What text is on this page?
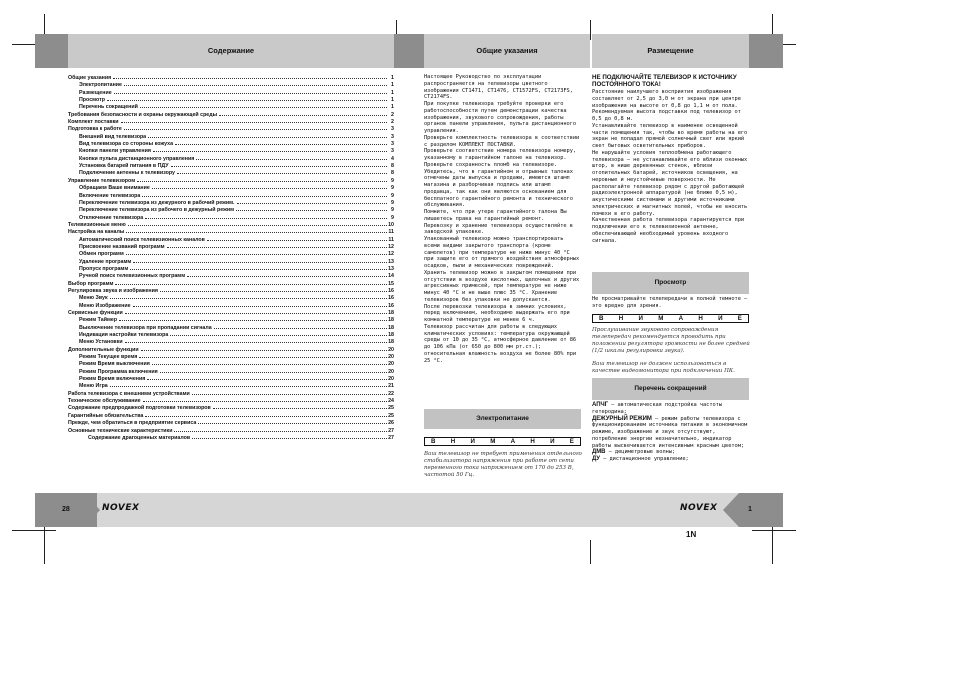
Содержание	Общие указания	Размещение
Общие указания	1
Электропитание	1
Размещение	1
Просмотр	1
Перечень сокращений	1
Требования безопасности и охраны окружающей среды	2
Комплект поставки	2
Подготовка к работе	3
Внешний вид телевизора	3
Вид телевизора со стороны кожуха	3
Кнопки панели управления	3
Кнопки пульта дистанционного управления	4
Установка батарей питания в ПДУ	8
Подключение антенны к телевизору	8
Управление телевизором	9
Обращаем Ваше внимание	9
Включение телевизора	9
Переключение телевизора из дежурного в рабочий режим.	9
Переключение телевизора из рабочего в дежурный режим	9
Отключение телевизора	9
Телевизионные меню	10
Настройка на каналы	11
Автоматический поиск телевизионных каналов	11
Присвоение названий программ	12
Обмен программ	12
Удаление программ	13
Пропуск программ	13
Ручной поиск телевизионных программ	14
Выбор программ	15
Регулировка звука и изображения	16
Меню Звук	16
Меню Изображение	16
Сервисные функции	18
Режим Таймер	18
Выключение телевизора при пропадании сигнала	18
Индикация настройки телевизора	18
Меню Установки	18
Дополнительные функции	20
Режим Текущее время	20
Режим Время выключения	20
Режим Программа включения	20
Режим Время включения	20
Меню Игра	21
Работа телевизора с внешними устройствами	22
Техническое обслуживание	24
Содержание предпродажной подготовки телевизоров	25
Гарантийные обязательства	25
Прежде, чем обратиться в предприятие сервиса	26
Основные технические характеристики	27
Содержание драгоценных материалов	27

Настоящее Руководство по эксплуатации распространяется на телевизоры цветного изображения СТ1471, СТ1476, СТ1572FS, СТ2173FS, СТ2174FS.

При покупке телевизора требуйте проверки его работоспособности путем демонстрации качества изображения, звукового сопровождения, работы органов панели управления, пульта дистанционного управления.

Проверьте комплектность телевизора в соответствии с разделом КОМПЛЕКТ ПОСТАВКИ.

Проверьте соответствие номера телевизора номеру, указанному в гарантийном талоне на телевизор.

Проверьте сохранность пломб на телевизоре.

Убедитесь, что в гарантийном и отрывных талонах отмечены даты выпуска и продажи, имеются штамп магазина и разборчивая подпись или штамп продавца, так как они являются основанием для бесплатного гарантийного ремонта и технического обслуживания.

Помните, что при утере гарантийного талона Вы лишаетесь права на гарантийный ремонт.

Перевозку и хранение телевизора осуществляйте в заводской упаковке.

Упакованный телевизор можно транспортировать всеми видами закрытого транспорта (кроме самолетов) при температуре не ниже минус 40 °С при защите его от прямого воздействия атмосферных осадков, пыли и механических повреждений.

Хранить телевизор можно в закрытом помещении при отсутствии в воздухе кислотных, щелочных и других агрессивных примесей, при температуре не ниже минус 40 °С и не выше плюс 35 °С. Хранение телевизоров без упаковки не допускается.

После перевозки телевизора в зимних условиях, перед включением, необходимо выдержать его при комнатной температуре не менее 6 ч.

Телевизор рассчитан для работы в следующих климатических условиях: температура окружающей среды от 10 до 35 °С, атмосферное давление от 86 до 106 кПа (от 650 до 800 мм рт.ст.); относительная влажность воздуха не более 80% при 25 °С.

Электропитание
В Н И М А Н И Е
Ваш телевизор не требует применения отдельного стабилизатора напряжения при работе от сети переменного тока напряжением от 170 до 253 В, частотой 50 Гц.
НЕ ПОДКЛЮЧАЙТЕ ТЕЛЕВИЗОР К ИСТОЧНИКУ ПОСТОЯННОГО ТОКА!

Расстояние наилучшего восприятия изображения составляет от 2,5 до 3,0 м от экрана при центре изображения на высоте от 0,8 до 1,1 м от пола. Рекомендуемая высота подставки под телевизор от 0,5 до 0,8 м.

Устанавливайте телевизор в наименее освещенной части помещения так, чтобы во время работы на его экран не попадал прямой солнечный свет или яркий свет бытовых осветительных приборов.

Не нарушайте условия теплообмена работающего телевизора – не устанавливайте его вблизи оконных штор, в нише деревянных стенок, вблизи отопительных батарей, источников освещения, на неровные и неустойчивые поверхности. Не располагайте телевизор рядом с другой работающей радиоэлектронной аппаратурой (не ближе 0,5 м), акустическими системами и другими источниками электрических и магнитных полей, чтобы не вносить помехи в его работу.

Качественная работа телевизора гарантируется при подключении его к телевизионной антенне, обеспечивающей необходимый уровень входного сигнала.

Просмотр
Не просматривайте телепередачи в полной темноте – это вредно для зрения.
В Н И М А Н И Е
Прослушивание звукового сопровождения телепередач рекомендуется проводить при положении регулятора громкости не более средней (1/2 шкалы регулировки звука).
Ваш телевизор не должен использоваться в качестве видеомонитора при подключении ПК.
Перечень сокращений

АПЧГ – автоматическая подстройка частоты гетеродина;

ДЕЖУРНЫЙ РЕЖИМ – режим работы телевизора с функционированием источника питания в экономичном режиме, изображение и звук отсутствуют, потребление энергии незначительно, индикатор работы высвечивается интенсивным красным цветом;

ДМВ – дециметровые волны;

ДУ – дистанционное управление;

28	1
NOVEX	NOVEX
1N
